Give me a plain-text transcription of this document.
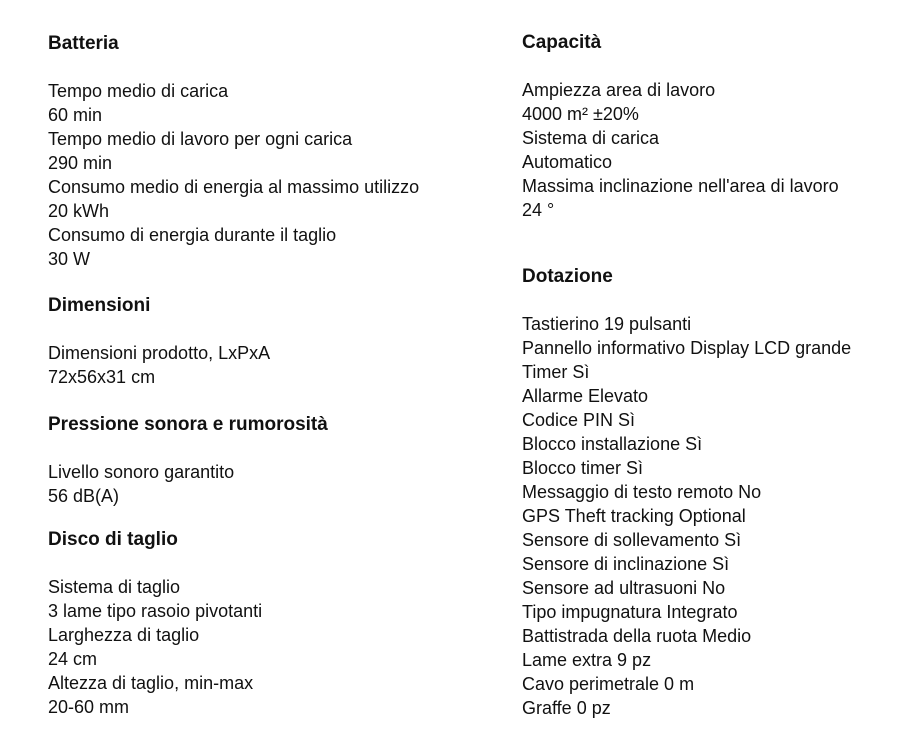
Batteria
Tempo medio di carica
60 min
Tempo medio di lavoro per ogni carica
290 min
Consumo medio di energia al massimo utilizzo
20 kWh
Consumo di energia durante il taglio
30 W
Dimensioni
Dimensioni prodotto, LxPxA
72x56x31 cm
Pressione sonora e rumorosità
Livello sonoro garantito
56 dB(A)
Disco di taglio
Sistema di taglio
3 lame tipo rasoio pivotanti
Larghezza di taglio
24 cm
Altezza di taglio, min-max
20-60 mm
Capacità
Ampiezza area di lavoro
4000 m² ±20%
Sistema di carica
Automatico
Massima inclinazione nell'area di lavoro
24 °
Dotazione
Tastierino 19 pulsanti
Pannello informativo Display LCD grande
Timer Sì
Allarme Elevato
Codice PIN Sì
Blocco installazione Sì
Blocco timer Sì
Messaggio di testo remoto No
GPS Theft tracking Optional
Sensore di sollevamento Sì
Sensore di inclinazione Sì
Sensore ad ultrasuoni No
Tipo impugnatura Integrato
Battistrada della ruota Medio
Lame extra 9 pz
Cavo perimetrale 0 m
Graffe 0 pz
